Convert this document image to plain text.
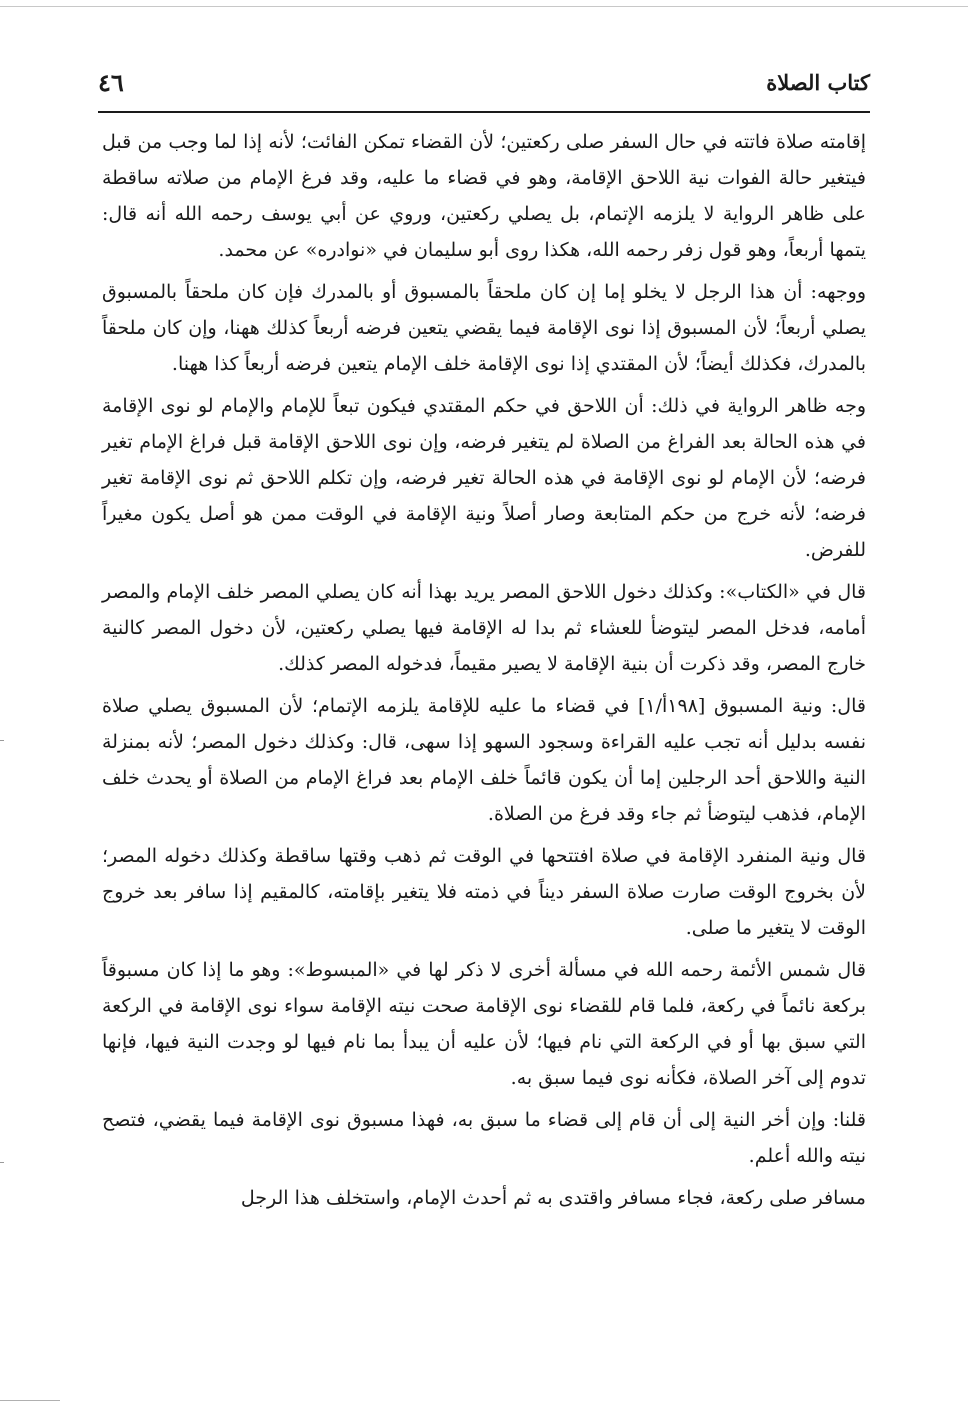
كتاب الصلاة
٤٦

إقامته صلاة فاتته في حال السفر صلى ركعتين؛ لأن القضاء تمكن الفائت؛ لأنه إذا لما وجب من قبل فيتغير حالة الفوات نية اللاحق الإقامة، وهو في قضاء ما عليه، وقد فرغ الإمام من صلاته ساقطة على ظاهر الرواية لا يلزمه الإتمام، بل يصلي ركعتين، وروي عن أبي يوسف رحمه الله أنه قال: يتمها أربعاً، وهو قول زفر رحمه الله، هكذا روى أبو سليمان في «نوادره» عن محمد.

ووجهه: أن هذا الرجل لا يخلو إما إن كان ملحقاً بالمسبوق أو بالمدرك فإن كان ملحقاً بالمسبوق يصلي أربعاً؛ لأن المسبوق إذا نوى الإقامة فيما يقضي يتعين فرضه أربعاً كذلك ههنا، وإن كان ملحقاً بالمدرك، فكذلك أيضاً؛ لأن المقتدي إذا نوى الإقامة خلف الإمام يتعين فرضه أربعاً كذا ههنا.

وجه ظاهر الرواية في ذلك: أن اللاحق في حكم المقتدي فيكون تبعاً للإمام والإمام لو نوى الإقامة في هذه الحالة بعد الفراغ من الصلاة لم يتغير فرضه، وإن نوى اللاحق الإقامة قبل فراغ الإمام تغير فرضه؛ لأن الإمام لو نوى الإقامة في هذه الحالة تغير فرضه، وإن تكلم اللاحق ثم نوى الإقامة تغير فرضه؛ لأنه خرج من حكم المتابعة وصار أصلاً ونية الإقامة في الوقت ممن هو أصل يكون مغيراً للفرض.

قال في «الكتاب»: وكذلك دخول اللاحق المصر يريد بهذا أنه كان يصلي المصر خلف الإمام والمصر أمامه، فدخل المصر ليتوضأ للعشاء ثم بدا له الإقامة فيها يصلي ركعتين، لأن دخول المصر كالنية خارج المصر، وقد ذكرت أن بنية الإقامة لا يصير مقيماً، فدخوله المصر كذلك.

قال: ونية المسبوق [١٩٨أ/١] في قضاء ما عليه للإقامة يلزمه الإتمام؛ لأن المسبوق يصلي صلاة نفسه بدليل أنه تجب عليه القراءة وسجود السهو إذا سهى، قال: وكذلك دخول المصر؛ لأنه بمنزلة النية واللاحق أحد الرجلين إما أن يكون قائماً خلف الإمام بعد فراغ الإمام من الصلاة أو يحدث خلف الإمام، فذهب ليتوضأ ثم جاء وقد فرغ من الصلاة.

قال ونية المنفرد الإقامة في صلاة افتتحها في الوقت ثم ذهب وقتها ساقطة وكذلك دخوله المصر؛ لأن بخروج الوقت صارت صلاة السفر ديناً في ذمته فلا يتغير بإقامته، كالمقيم إذا سافر بعد خروج الوقت لا يتغير ما صلى.

قال شمس الأئمة رحمه الله في مسألة أخرى لا ذكر لها في «المبسوط»: وهو ما إذا كان مسبوقاً بركعة نائماً في ركعة، فلما قام للقضاء نوى الإقامة صحت نيته الإقامة سواء نوى الإقامة في الركعة التي سبق بها أو في الركعة التي نام فيها؛ لأن عليه أن يبدأ بما نام فيها لو وجدت النية فيها، فإنها تدوم إلى آخر الصلاة، فكأنه نوى فيما سبق به.

قلنا: وإن أخر النية إلى أن قام إلى قضاء ما سبق به، فهذا مسبوق نوى الإقامة فيما يقضي، فتصح نيته والله أعلم.

مسافر صلى ركعة، فجاء مسافر واقتدى به ثم أحدث الإمام، واستخلف هذا الرجل
